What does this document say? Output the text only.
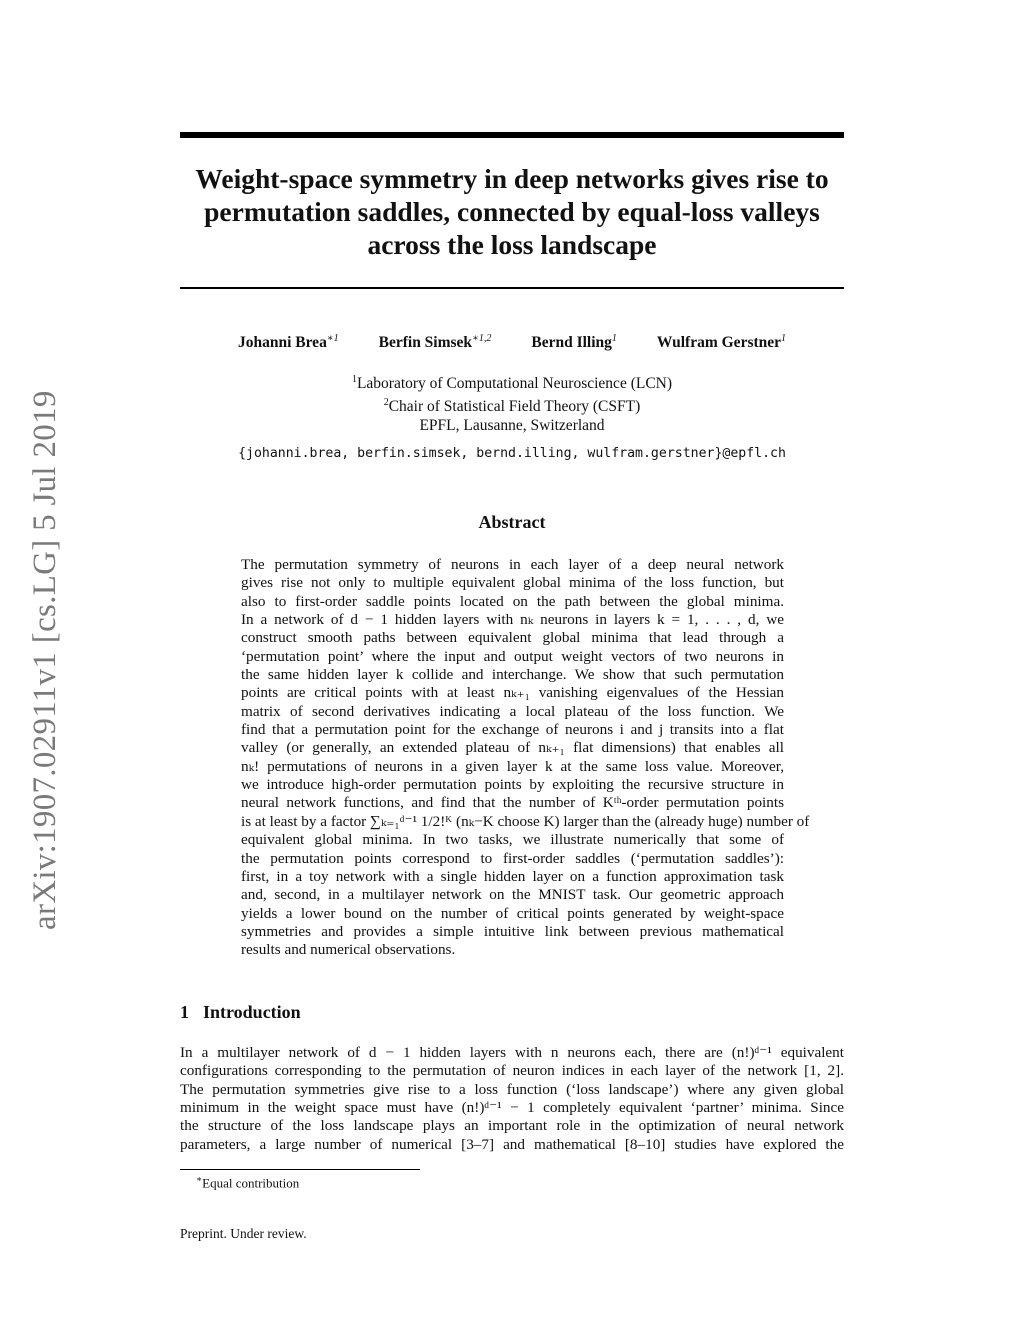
arXiv:1907.02911v1 [cs.LG] 5 Jul 2019
Weight-space symmetry in deep networks gives rise to
permutation saddles, connected by equal-loss valleys
across the loss landscape
Johanni Brea$^{∗1}$	Berfin Simsek$^{∗1,2}$	Bernd Illing$^1$	Wulfram Gerstner$^1$
$^1$Laboratory of Computational Neuroscience (LCN)
$^2$Chair of Statistical Field Theory (CSFT)
EPFL, Lausanne, Switzerland
{johanni.brea, berfin.simsek, bernd.illing, wulfram.gerstner}@epfl.ch
Abstract
The permutation symmetry of neurons in each layer of a deep neural network
gives rise not only to multiple equivalent global minima of the loss function, but
also to first-order saddle points located on the path between the global minima.
In a network of d − 1 hidden layers with nₖ neurons in layers k = 1, . . . , d, we
construct smooth paths between equivalent global minima that lead through a
‘permutation point’ where the input and output weight vectors of two neurons in
the same hidden layer k collide and interchange. We show that such permutation
points are critical points with at least nₖ₊₁ vanishing eigenvalues of the Hessian
matrix of second derivatives indicating a local plateau of the loss function. We
find that a permutation point for the exchange of neurons i and j transits into a flat
valley (or generally, an extended plateau of nₖ₊₁ flat dimensions) that enables all
nₖ! permutations of neurons in a given layer k at the same loss value. Moreover,
we introduce high-order permutation points by exploiting the recursive structure in
neural network functions, and find that the number of Kᵗʰ-order permutation points
is at least by a factor ∑ₖ₌₁ᵈ⁻¹ 1/2!ᴷ (nₖ−K choose K) larger than the (already huge) number of
equivalent global minima. In two tasks, we illustrate numerically that some of
the permutation points correspond to first-order saddles (‘permutation saddles’):
first, in a toy network with a single hidden layer on a function approximation task
and, second, in a multilayer network on the MNIST task. Our geometric approach
yields a lower bound on the number of critical points generated by weight-space
symmetries and provides a simple intuitive link between previous mathematical
results and numerical observations.
1 Introduction
In a multilayer network of d − 1 hidden layers with n neurons each, there are (n!)ᵈ⁻¹ equivalent
configurations corresponding to the permutation of neuron indices in each layer of the network [1, 2].
The permutation symmetries give rise to a loss function (‘loss landscape’) where any given global
minimum in the weight space must have (n!)ᵈ⁻¹ − 1 completely equivalent ‘partner’ minima. Since
the structure of the loss landscape plays an important role in the optimization of neural network
parameters, a large number of numerical [3–7] and mathematical [8–10] studies have explored the
∗Equal contribution
Preprint. Under review.
